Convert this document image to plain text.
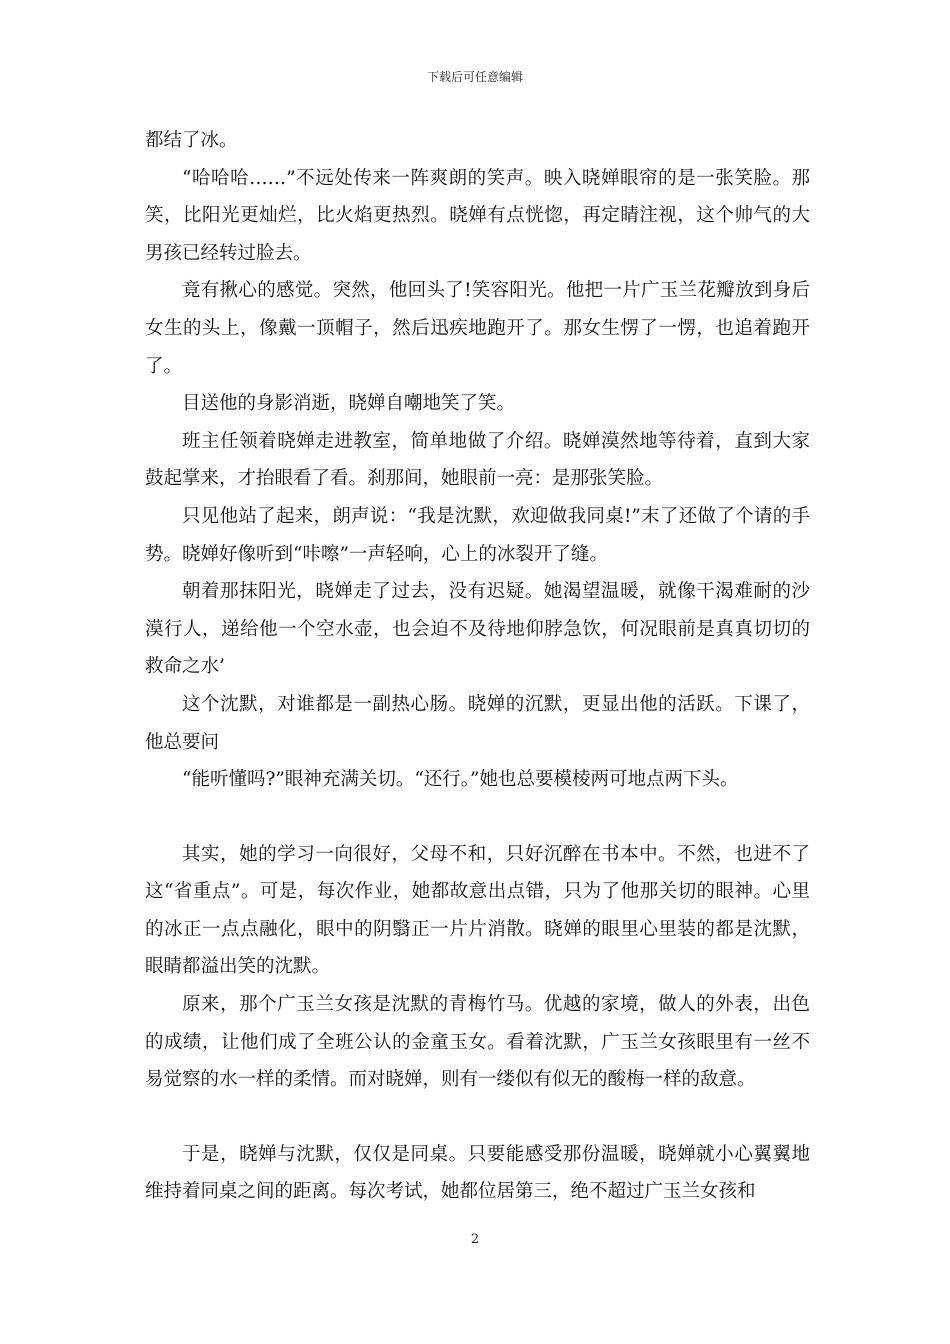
下载后可任意编辑

都结了冰。

“哈哈哈……”不远处传来一阵爽朗的笑声。映入晓婵眼帘的是一张笑脸。那笑，比阳光更灿烂，比火焰更热烈。晓婵有点恍惚，再定睛注视，这个帅气的大男孩已经转过脸去。

竟有揪心的感觉。突然，他回头了!笑容阳光。他把一片广玉兰花瓣放到身后女生的头上，像戴一顶帽子，然后迅疾地跑开了。那女生愣了一愣，也追着跑开了。

目送他的身影消逝，晓婵自嘲地笑了笑。

班主任领着晓婵走进教室，简单地做了介绍。晓婵漠然地等待着，直到大家鼓起掌来，才抬眼看了看。刹那间，她眼前一亮：是那张笑脸。

只见他站了起来，朗声说：“我是沈默，欢迎做我同桌!”末了还做了个请的手势。晓婵好像听到“咔嚓”一声轻响，心上的冰裂开了缝。

朝着那抹阳光，晓婵走了过去，没有迟疑。她渴望温暖，就像干渴难耐的沙漠行人，递给他一个空水壶，也会迫不及待地仰脖急饮，何况眼前是真真切切的救命之水’

这个沈默，对谁都是一副热心肠。晓婵的沉默，更显出他的活跃。下课了，他总要问

“能听懂吗?”眼神充满关切。“还行。”她也总要模棱两可地点两下头。

其实，她的学习一向很好，父母不和，只好沉醉在书本中。不然，也进不了这“省重点”。可是，每次作业，她都故意出点错，只为了他那关切的眼神。心里的冰正一点点融化，眼中的阴翳正一片片消散。晓婵的眼里心里装的都是沈默，眼睛都溢出笑的沈默。

原来，那个广玉兰女孩是沈默的青梅竹马。优越的家境，做人的外表，出色的成绩，让他们成了全班公认的金童玉女。看着沈默，广玉兰女孩眼里有一丝不易觉察的水一样的柔情。而对晓婵，则有一缕似有似无的酸梅一样的敌意。

于是，晓婵与沈默，仅仅是同桌。只要能感受那份温暖，晓婵就小心翼翼地维持着同桌之间的距离。每次考试，她都位居第三，绝不超过广玉兰女孩和

2
